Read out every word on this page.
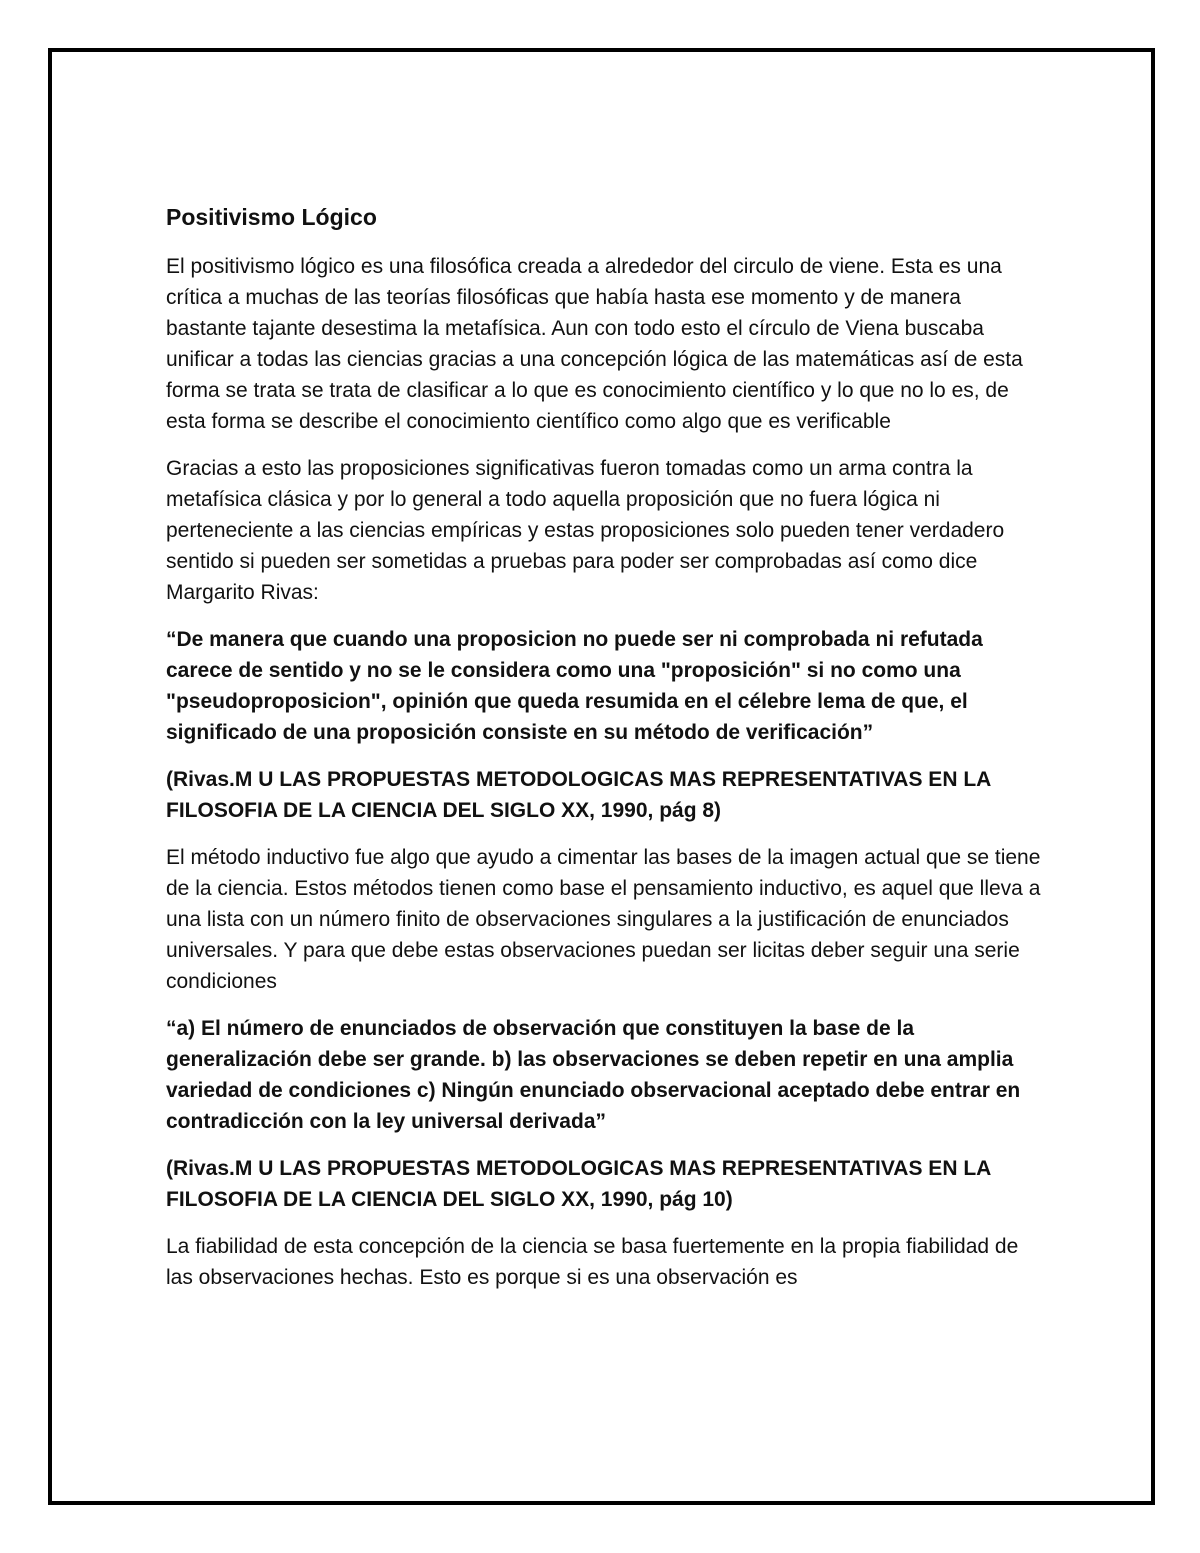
Positivismo Lógico

El positivismo lógico es una filosófica creada a alrededor del circulo de viene. Esta es una crítica a muchas de las teorías filosóficas que había hasta ese momento y de manera bastante tajante desestima la metafísica. Aun con todo esto el círculo de Viena buscaba unificar a todas las ciencias gracias a una concepción lógica de las matemáticas así de esta forma se trata se trata de clasificar a lo que es conocimiento científico y lo que no lo es, de esta forma se describe el conocimiento científico como algo que es verificable

Gracias a esto las proposiciones significativas fueron tomadas como un arma contra la metafísica clásica y por lo general a todo aquella proposición que no fuera lógica ni perteneciente a las ciencias empíricas y estas proposiciones solo pueden tener verdadero sentido si pueden ser sometidas a pruebas para poder ser comprobadas así como dice Margarito Rivas:

“De manera que cuando una proposicion no puede ser ni comprobada ni refutada carece de sentido y no se le considera como una "proposición" si no como una "pseudoproposicion", opinión que queda resumida en el célebre lema de que, el significado de una proposición consiste en su método de verificación”

(Rivas.M U LAS PROPUESTAS METODOLOGICAS MAS REPRESENTATIVAS EN LA FILOSOFIA DE LA CIENCIA DEL SIGLO XX, 1990, pág 8)

El método inductivo fue algo que ayudo a cimentar las bases de la imagen actual que se tiene de la ciencia. Estos métodos tienen como base el pensamiento inductivo, es aquel que lleva a una lista con un número finito de observaciones singulares a la justificación de enunciados universales. Y para que debe estas observaciones puedan ser licitas deber seguir una serie condiciones

“a) El número de enunciados de observación que constituyen la base de la generalización debe ser grande. b) las observaciones se deben repetir en una amplia variedad de condiciones c) Ningún enunciado observacional aceptado debe entrar en contradicción con la ley universal derivada”

(Rivas.M U LAS PROPUESTAS METODOLOGICAS MAS REPRESENTATIVAS EN LA FILOSOFIA DE LA CIENCIA DEL SIGLO XX, 1990, pág 10)

La fiabilidad de esta concepción de la ciencia se basa fuertemente en la propia fiabilidad de las observaciones hechas. Esto es porque si es una observación es
